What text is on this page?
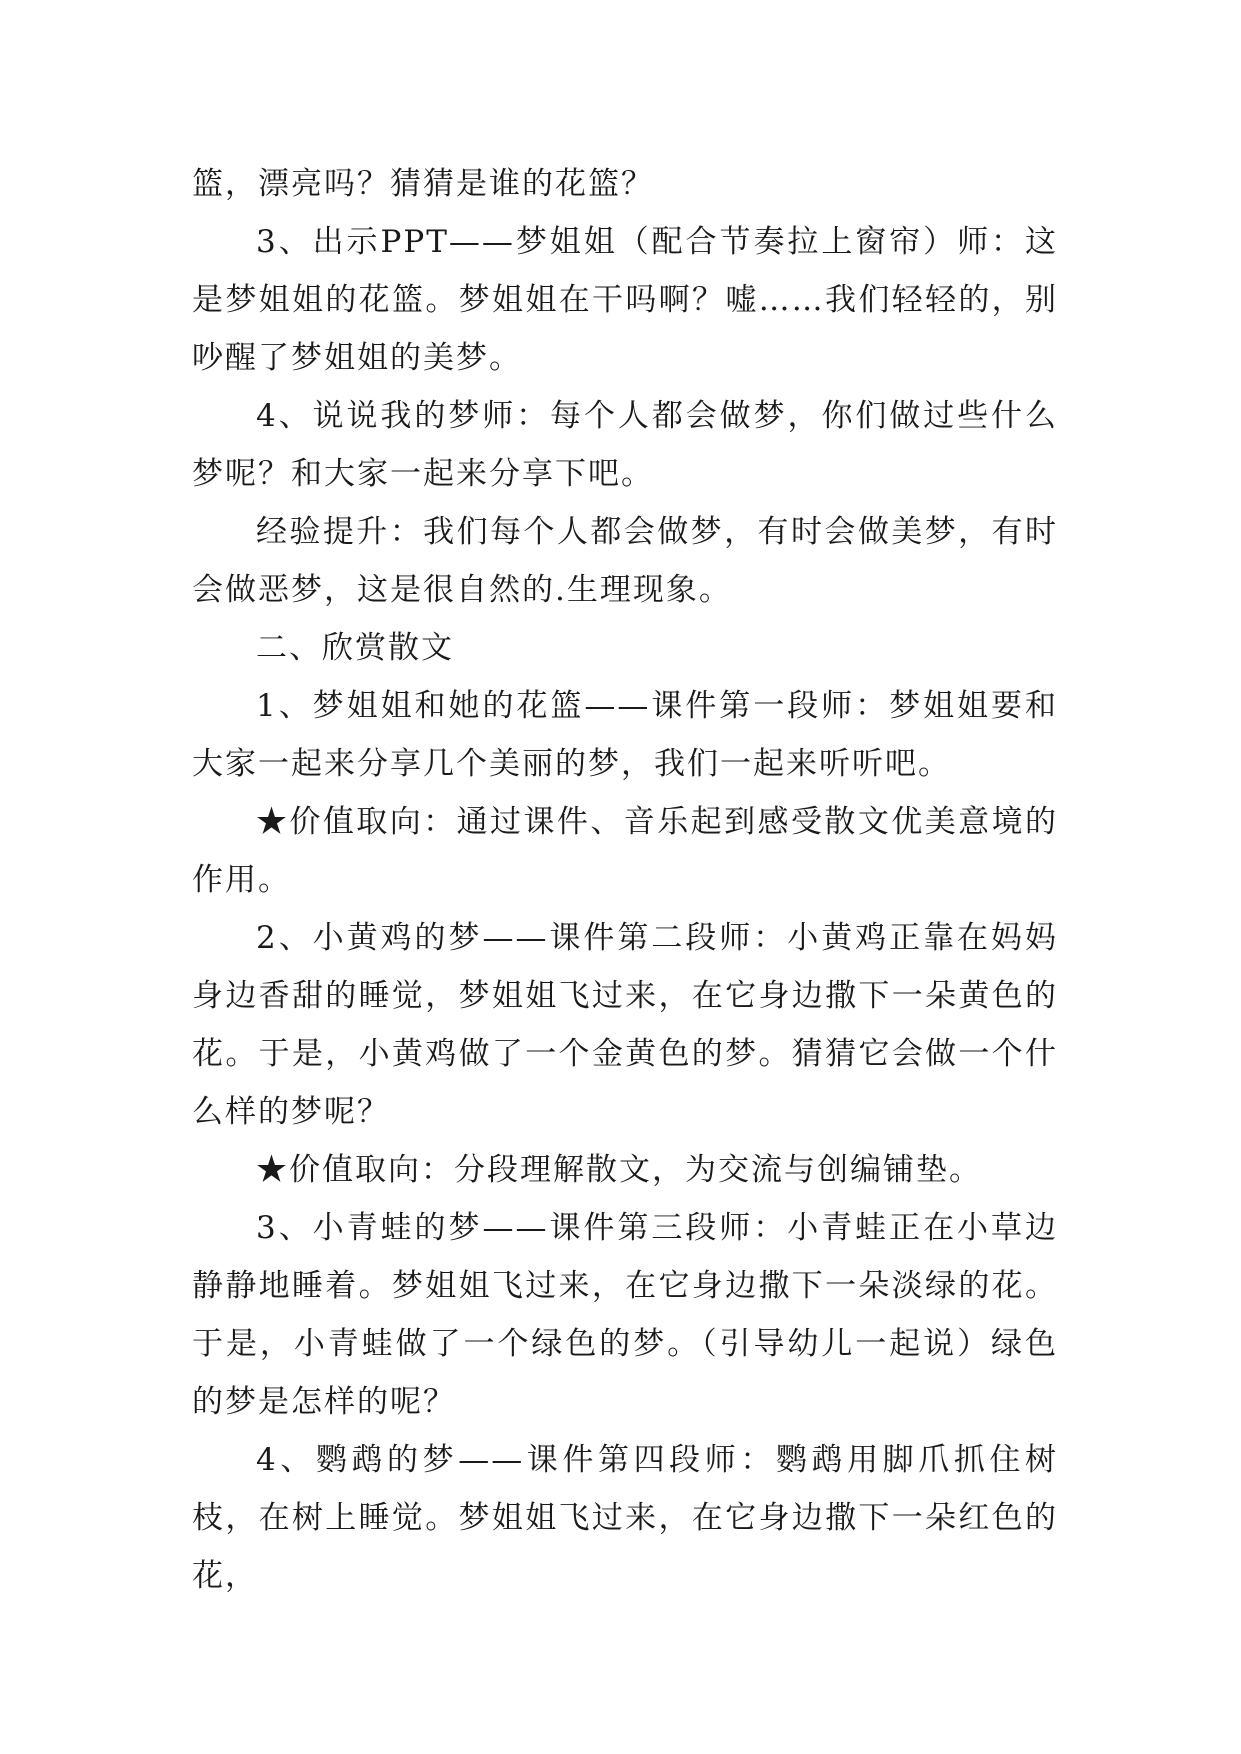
篮，漂亮吗？猜猜是谁的花篮？

3、出示PPT——梦姐姐（配合节奏拉上窗帘）师：这是梦姐姐的花篮。梦姐姐在干吗啊？嘘……我们轻轻的，别吵醒了梦姐姐的美梦。

4、说说我的梦师：每个人都会做梦，你们做过些什么梦呢？和大家一起来分享下吧。

经验提升：我们每个人都会做梦，有时会做美梦，有时会做恶梦，这是很自然的.生理现象。

二、欣赏散文

1、梦姐姐和她的花篮——课件第一段师：梦姐姐要和大家一起来分享几个美丽的梦，我们一起来听听吧。

★价值取向：通过课件、音乐起到感受散文优美意境的作用。

2、小黄鸡的梦——课件第二段师：小黄鸡正靠在妈妈身边香甜的睡觉，梦姐姐飞过来，在它身边撒下一朵黄色的花。于是，小黄鸡做了一个金黄色的梦。猜猜它会做一个什么样的梦呢？

★价值取向：分段理解散文，为交流与创编铺垫。

3、小青蛙的梦——课件第三段师：小青蛙正在小草边静静地睡着。梦姐姐飞过来，在它身边撒下一朵淡绿的花。于是，小青蛙做了一个绿色的梦。（引导幼儿一起说）绿色的梦是怎样的呢？

4、鹦鹉的梦——课件第四段师：鹦鹉用脚爪抓住树枝，在树上睡觉。梦姐姐飞过来，在它身边撒下一朵红色的花，
